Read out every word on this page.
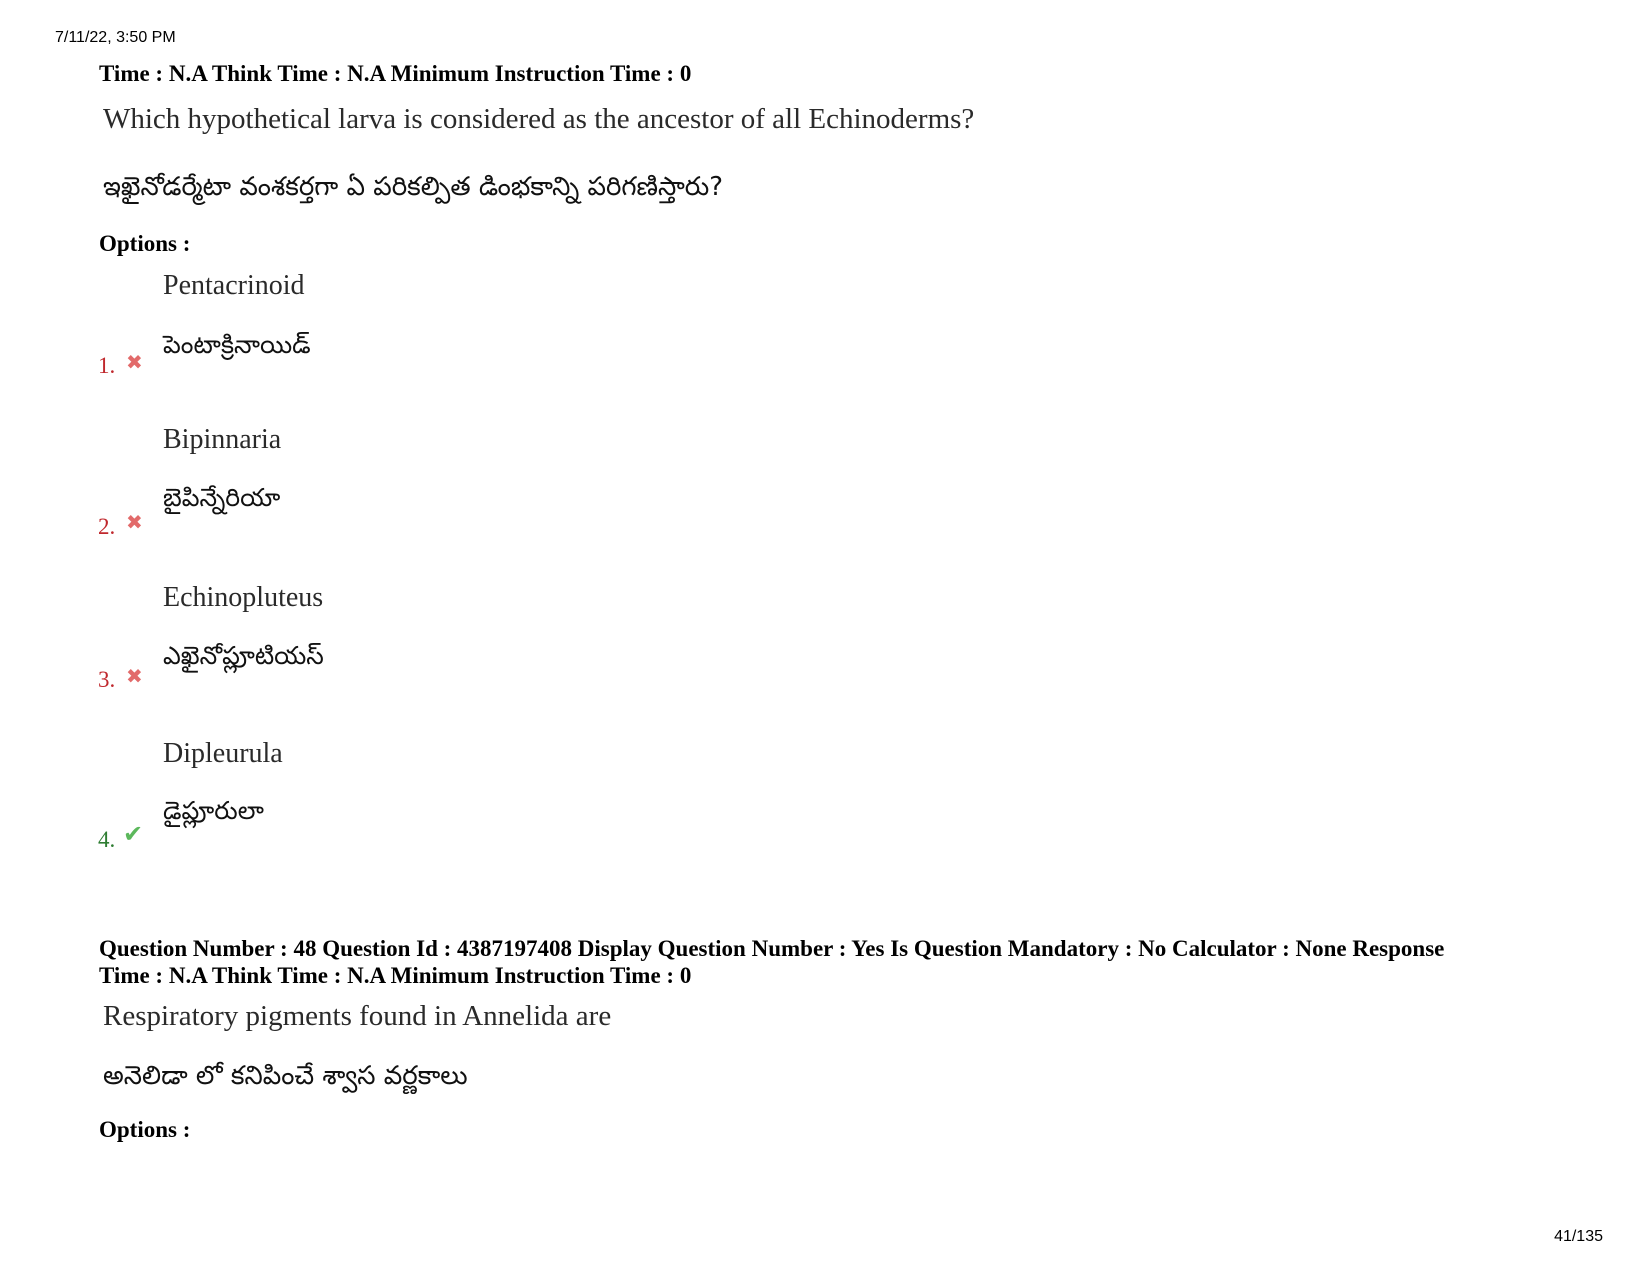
7/11/22, 3:50 PM
Time : N.A Think Time : N.A Minimum Instruction Time : 0
Which hypothetical larva is considered as the ancestor of all Echinoderms?
ఇఖైనోడర్మేటా వంశకర్తగా ఏ పరికల్పిత డింభకాన్ని పరిగణిస్తారు?
Options :
Pentacrinoid
పెంటాక్రినాయిడ్
1. ✖
Bipinnaria
బైపిన్నేరియా
2. ✖
Echinopluteus
ఎఖైనోప్లూటియస్
3. ✖
Dipleurula
డైప్లూరులా
4. ✔
Question Number : 48 Question Id : 4387197408 Display Question Number : Yes Is Question Mandatory : No Calculator : None Response
Time : N.A Think Time : N.A Minimum Instruction Time : 0
Respiratory pigments found in Annelida are
అనెలిడా లో కనిపించే శ్వాస వర్ణకాలు
Options :
41/135
